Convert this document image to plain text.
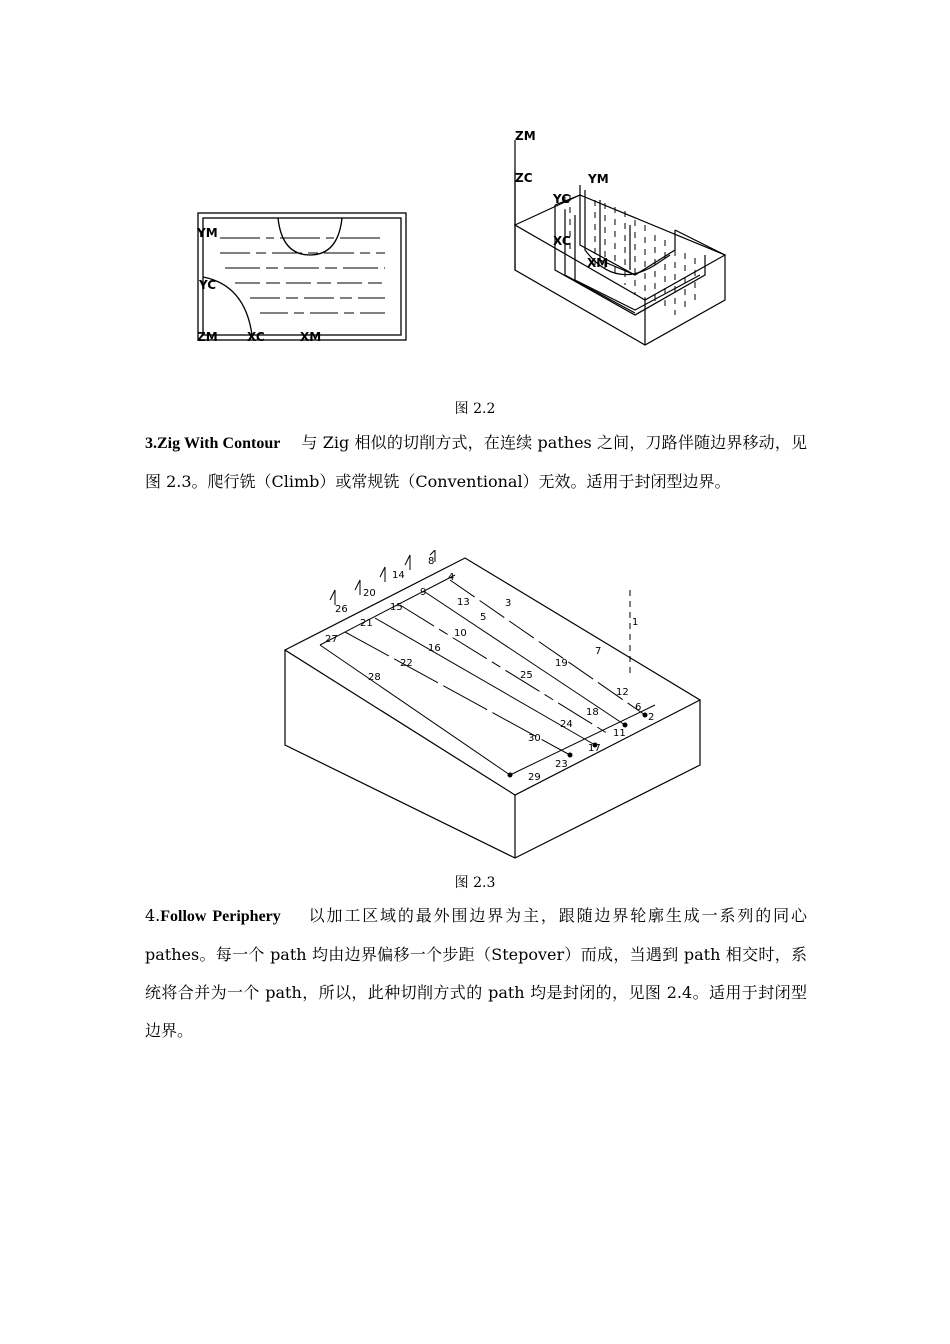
YM
YC
ZM XC	XM
ZM
ZC
YC
YM
XC
XM
图 2.2
3.Zig With Contour 与 Zig 相似的切削方式，在连续 pathes 之间，刀路伴随边界移动，见图 2.3。爬行铣（Climb）或常规铣（Conventional）无效。适用于封闭型边界。
8
14	4
20	9
13	3
26	15
5
21
10
27
16	7
22	19
28	25
12
18	6
24
2
11
30
17
23
29
1
图 2.3
4.Follow Periphery 以加工区域的最外围边界为主，跟随边界轮廓生成一系列的同心 pathes。每一个 path 均由边界偏移一个步距（Stepover）而成，当遇到 path 相交时，系统将合并为一个 path，所以，此种切削方式的 path 均是封闭的，见图 2.4。适用于封闭型边界。
